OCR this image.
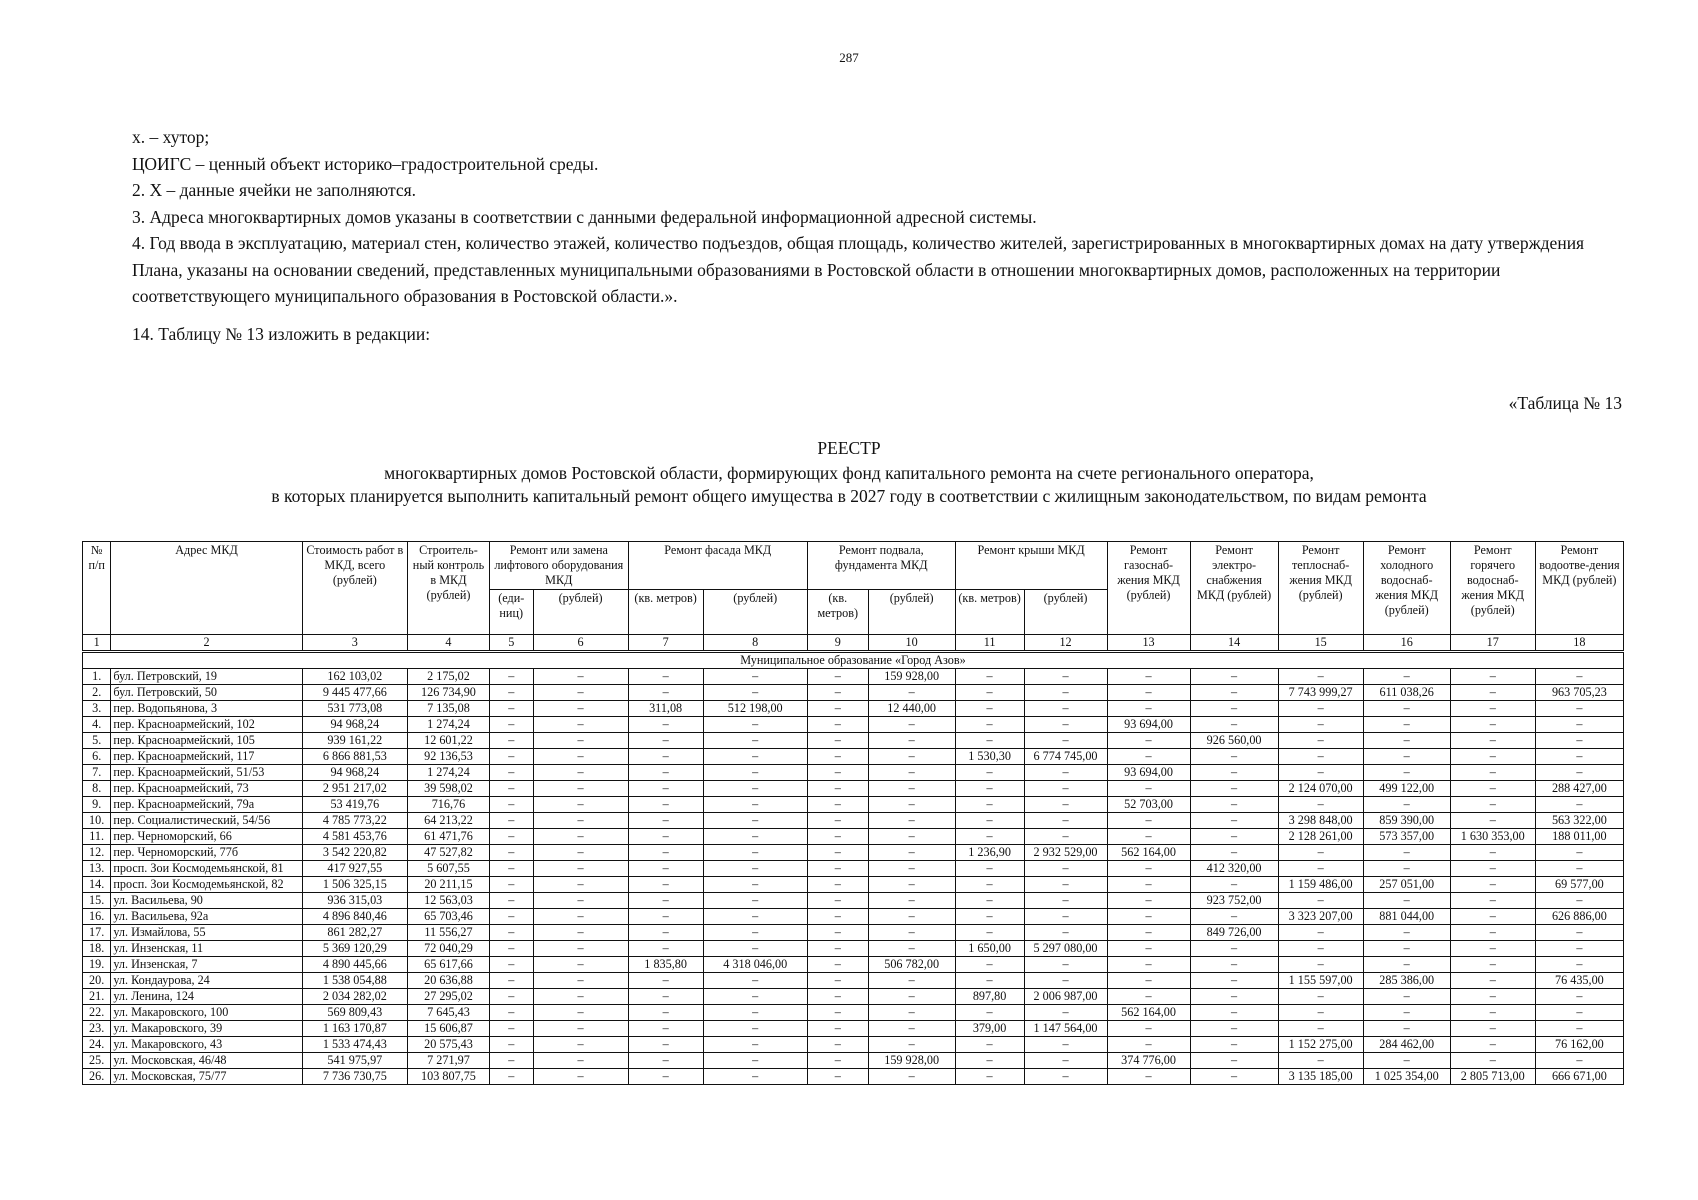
287

х. – хутор;

ЦОИГС – ценный объект историко–градостроительной среды.

2. Х – данные ячейки не заполняются.

3. Адреса многоквартирных домов указаны в соответствии с данными федеральной информационной адресной системы.

4. Год ввода в эксплуатацию, материал стен, количество этажей, количество подъездов, общая площадь, количество жителей, зарегистрированных в многоквартирных домах на дату утверждения Плана, указаны на основании сведений, представленных муниципальными образованиями в Ростовской области в отношении многоквартирных домов, расположенных на территории соответствующего муниципального образования в Ростовской области.».

14. Таблицу № 13 изложить в редакции:
«Таблица № 13
РЕЕСТР
многоквартирных домов Ростовской области, формирующих фонд капитального ремонта на счете регионального оператора,
в которых планируется выполнить капитальный ремонт общего имущества в 2027 году в соответствии с жилищным законодательством, по видам ремонта
№ п/п	Адрес МКД	Стоимость работ в МКД, всего (рублей)	Строитель-ный контроль в МКД (рублей)	Ремонт или замена лифтового оборудования МКД		Ремонт фасада МКД		Ремонт подвала, фундамента МКД		Ремонт крыши МКД		Ремонт газоснаб-жения МКД (рублей)	Ремонт электро-снабжения МКД (рублей)	Ремонт теплоснаб-жения МКД (рублей)	Ремонт холодного водоснаб-жения МКД (рублей)	Ремонт горячего водоснаб-жения МКД (рублей)	Ремонт водоотве-дения МКД (рублей)
				(еди-ниц)	(рублей)	(кв. метров)	(рублей)	(кв. метров)	(рублей)	(кв. метров)	(рублей)						
1	2	3	4	5	6	7	8	9	10	11	12	13	14	15	16	17	18
Муниципальное образование «Город Азов»																	
1.	бул. Петровский, 19	162 103,02	2 175,02	–	–	–	–	–	159 928,00	–	–	–	–	–	–	–	–
2.	бул. Петровский, 50	9 445 477,66	126 734,90	–	–	–	–	–	–	–	–	–	–	7 743 999,27	611 038,26	–	963 705,23
3.	пер. Водопьянова, 3	531 773,08	7 135,08	–	–	311,08	512 198,00	–	12 440,00	–	–	–	–	–	–	–	–
4.	пер. Красноармейский, 102	94 968,24	1 274,24	–	–	–	–	–	–	–	–	93 694,00	–	–	–	–	–
5.	пер. Красноармейский, 105	939 161,22	12 601,22	–	–	–	–	–	–	–	–	–	926 560,00	–	–	–	–
6.	пер. Красноармейский, 117	6 866 881,53	92 136,53	–	–	–	–	–	–	1 530,30	6 774 745,00	–	–	–	–	–	–
7.	пер. Красноармейский, 51/53	94 968,24	1 274,24	–	–	–	–	–	–	–	–	93 694,00	–	–	–	–	–
8.	пер. Красноармейский, 73	2 951 217,02	39 598,02	–	–	–	–	–	–	–	–	–	–	2 124 070,00	499 122,00	–	288 427,00
9.	пер. Красноармейский, 79а	53 419,76	716,76	–	–	–	–	–	–	–	–	52 703,00	–	–	–	–	–
10.	пер. Социалистический, 54/56	4 785 773,22	64 213,22	–	–	–	–	–	–	–	–	–	–	3 298 848,00	859 390,00	–	563 322,00
11.	пер. Черноморский, 66	4 581 453,76	61 471,76	–	–	–	–	–	–	–	–	–	–	2 128 261,00	573 357,00	1 630 353,00	188 011,00
12.	пер. Черноморский, 77б	3 542 220,82	47 527,82	–	–	–	–	–	–	1 236,90	2 932 529,00	562 164,00	–	–	–	–	–
13.	просп. Зои Космодемьянской, 81	417 927,55	5 607,55	–	–	–	–	–	–	–	–	–	412 320,00	–	–	–	–
14.	просп. Зои Космодемьянской, 82	1 506 325,15	20 211,15	–	–	–	–	–	–	–	–	–	–	1 159 486,00	257 051,00	–	69 577,00
15.	ул. Васильева, 90	936 315,03	12 563,03	–	–	–	–	–	–	–	–	–	923 752,00	–	–	–	–
16.	ул. Васильева, 92а	4 896 840,46	65 703,46	–	–	–	–	–	–	–	–	–	–	3 323 207,00	881 044,00	–	626 886,00
17.	ул. Измайлова, 55	861 282,27	11 556,27	–	–	–	–	–	–	–	–	–	849 726,00	–	–	–	–
18.	ул. Инзенская, 11	5 369 120,29	72 040,29	–	–	–	–	–	–	1 650,00	5 297 080,00	–	–	–	–	–	–
19.	ул. Инзенская, 7	4 890 445,66	65 617,66	–	–	1 835,80	4 318 046,00	–	506 782,00	–	–	–	–	–	–	–	–
20.	ул. Кондаурова, 24	1 538 054,88	20 636,88	–	–	–	–	–	–	–	–	–	–	1 155 597,00	285 386,00	–	76 435,00
21.	ул. Ленина, 124	2 034 282,02	27 295,02	–	–	–	–	–	–	897,80	2 006 987,00	–	–	–	–	–	–
22.	ул. Макаровского, 100	569 809,43	7 645,43	–	–	–	–	–	–	–	–	562 164,00	–	–	–	–	–
23.	ул. Макаровского, 39	1 163 170,87	15 606,87	–	–	–	–	–	–	379,00	1 147 564,00	–	–	–	–	–	–
24.	ул. Макаровского, 43	1 533 474,43	20 575,43	–	–	–	–	–	–	–	–	–	–	1 152 275,00	284 462,00	–	76 162,00
25.	ул. Московская, 46/48	541 975,97	7 271,97	–	–	–	–	–	159 928,00	–	–	374 776,00	–	–	–	–	–
26.	ул. Московская, 75/77	7 736 730,75	103 807,75	–	–	–	–	–	–	–	–	–	–	3 135 185,00	1 025 354,00	2 805 713,00	666 671,00
